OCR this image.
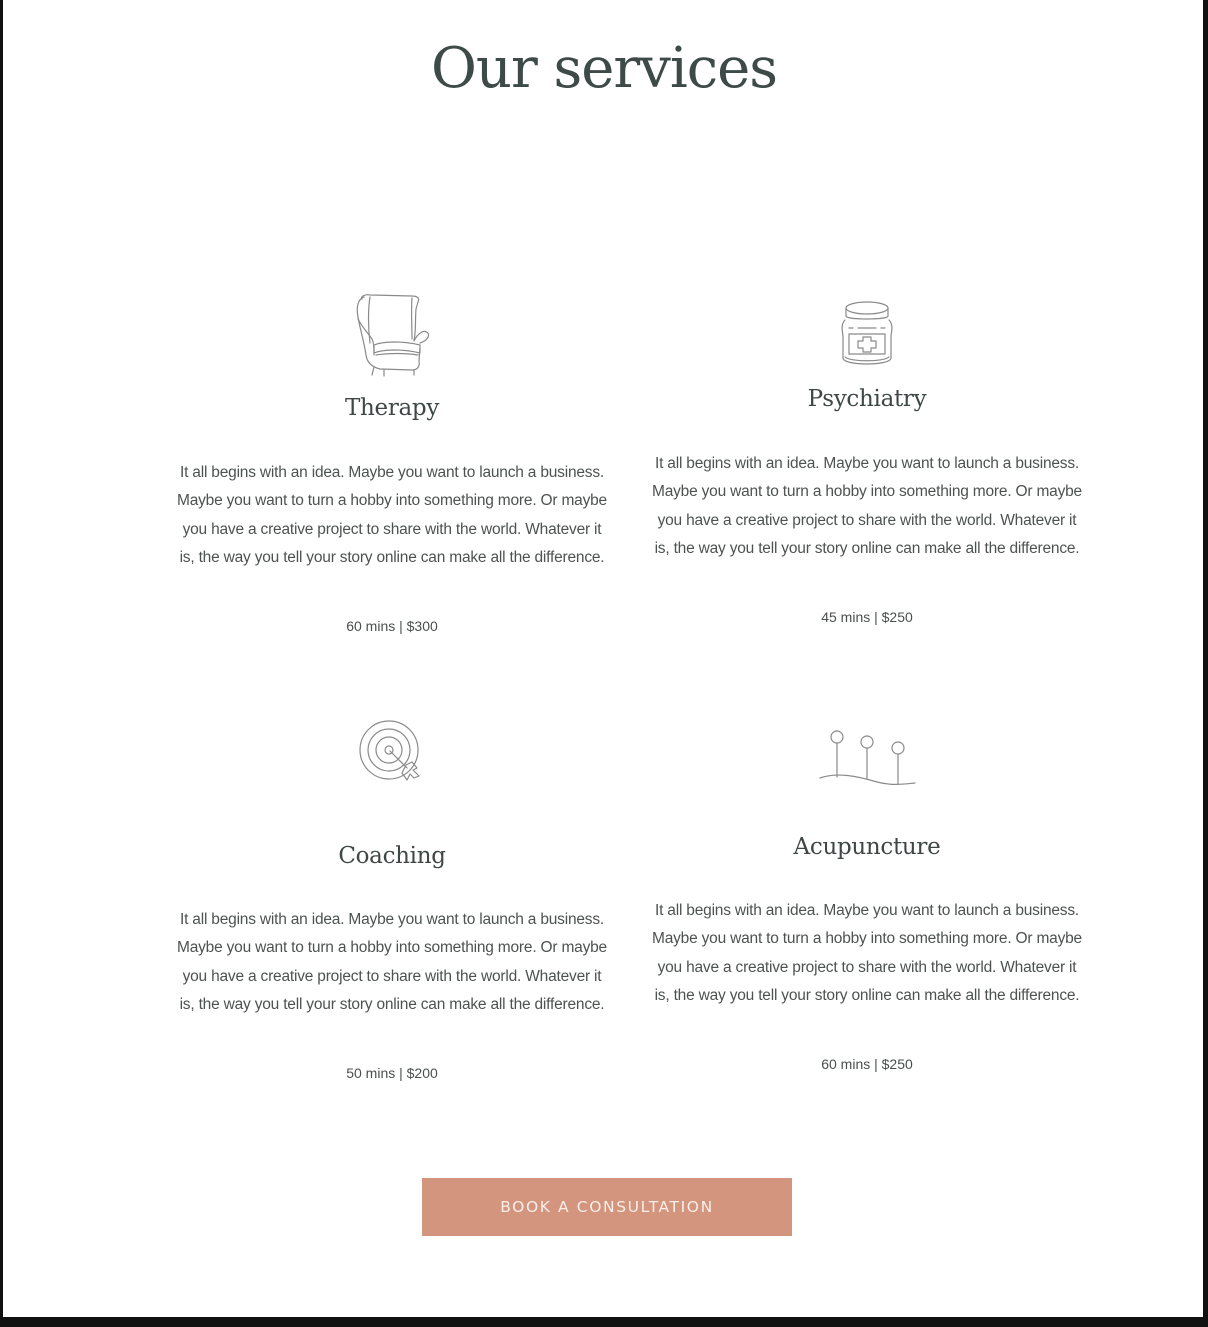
Our services
Therapy

It all begins with an idea. Maybe you want to launch a business. Maybe you want to turn a hobby into something more. Or maybe you have a creative project to share with the world. Whatever it is, the way you tell your story online can make all the difference.

60 mins | $300

Psychiatry

It all begins with an idea. Maybe you want to launch a business. Maybe you want to turn a hobby into something more. Or maybe you have a creative project to share with the world. Whatever it is, the way you tell your story online can make all the difference.

45 mins | $250

Coaching

It all begins with an idea. Maybe you want to launch a business. Maybe you want to turn a hobby into something more. Or maybe you have a creative project to share with the world. Whatever it is, the way you tell your story online can make all the difference.

50 mins | $200

Acupuncture

It all begins with an idea. Maybe you want to launch a business. Maybe you want to turn a hobby into something more. Or maybe you have a creative project to share with the world. Whatever it is, the way you tell your story online can make all the difference.

60 mins | $250

BOOK A CONSULTATION
